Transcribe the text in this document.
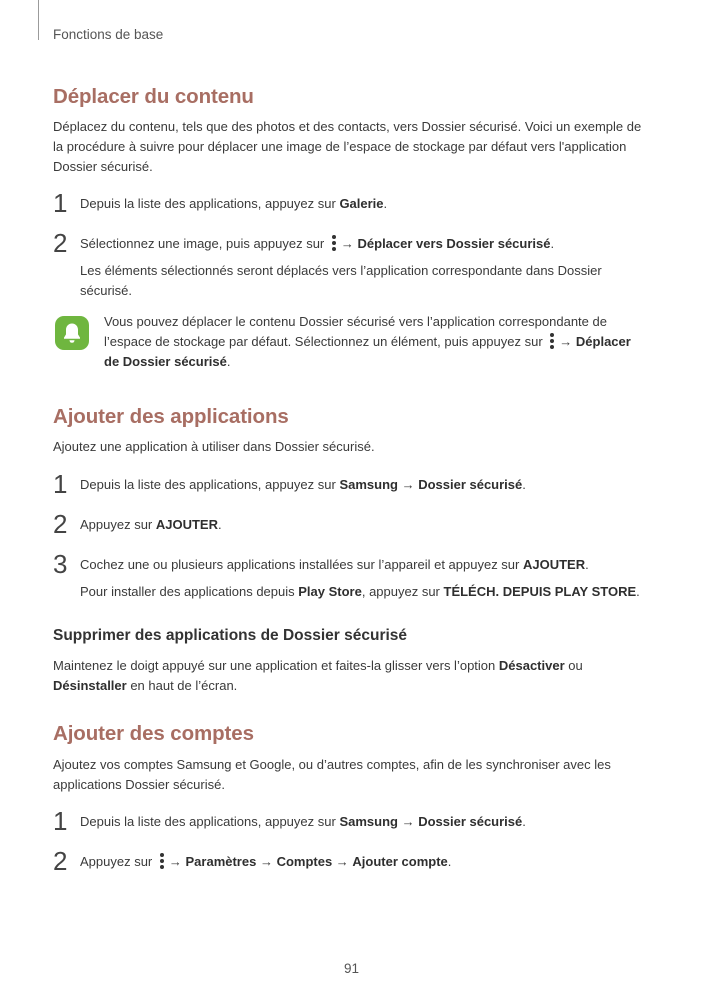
Fonctions de base
Déplacer du contenu
Déplacez du contenu, tels que des photos et des contacts, vers Dossier sécurisé. Voici un exemple de
la procédure à suivre pour déplacer une image de l’espace de stockage par défaut vers l'application
Dossier sécurisé.
1 Depuis la liste des applications, appuyez sur Galerie.
2 Sélectionnez une image, puis appuyez sur
→ Déplacer vers Dossier sécurisé.
Les éléments sélectionnés seront déplacés vers l’application correspondante dans Dossier
sécurisé.
Vous pouvez déplacer le contenu Dossier sécurisé vers l’application correspondante de
l’espace de stockage par défaut. Sélectionnez un élément, puis appuyez sur
→ Déplacer
de Dossier sécurisé.
Ajouter des applications
Ajoutez une application à utiliser dans Dossier sécurisé.
1 Depuis la liste des applications, appuyez sur Samsung → Dossier sécurisé.
2 Appuyez sur AJOUTER.
3 Cochez une ou plusieurs applications installées sur l’appareil et appuyez sur AJOUTER.
Pour installer des applications depuis Play Store, appuyez sur TÉLÉCH. DEPUIS PLAY STORE.
Supprimer des applications de Dossier sécurisé
Maintenez le doigt appuyé sur une application et faites-la glisser vers l’option Désactiver ou
Désinstaller en haut de l’écran.
Ajouter des comptes
Ajoutez vos comptes Samsung et Google, ou d’autres comptes, afin de les synchroniser avec les
applications Dossier sécurisé.
1 Depuis la liste des applications, appuyez sur Samsung → Dossier sécurisé.
2 Appuyez sur
→ Paramètres → Comptes → Ajouter compte.
91
